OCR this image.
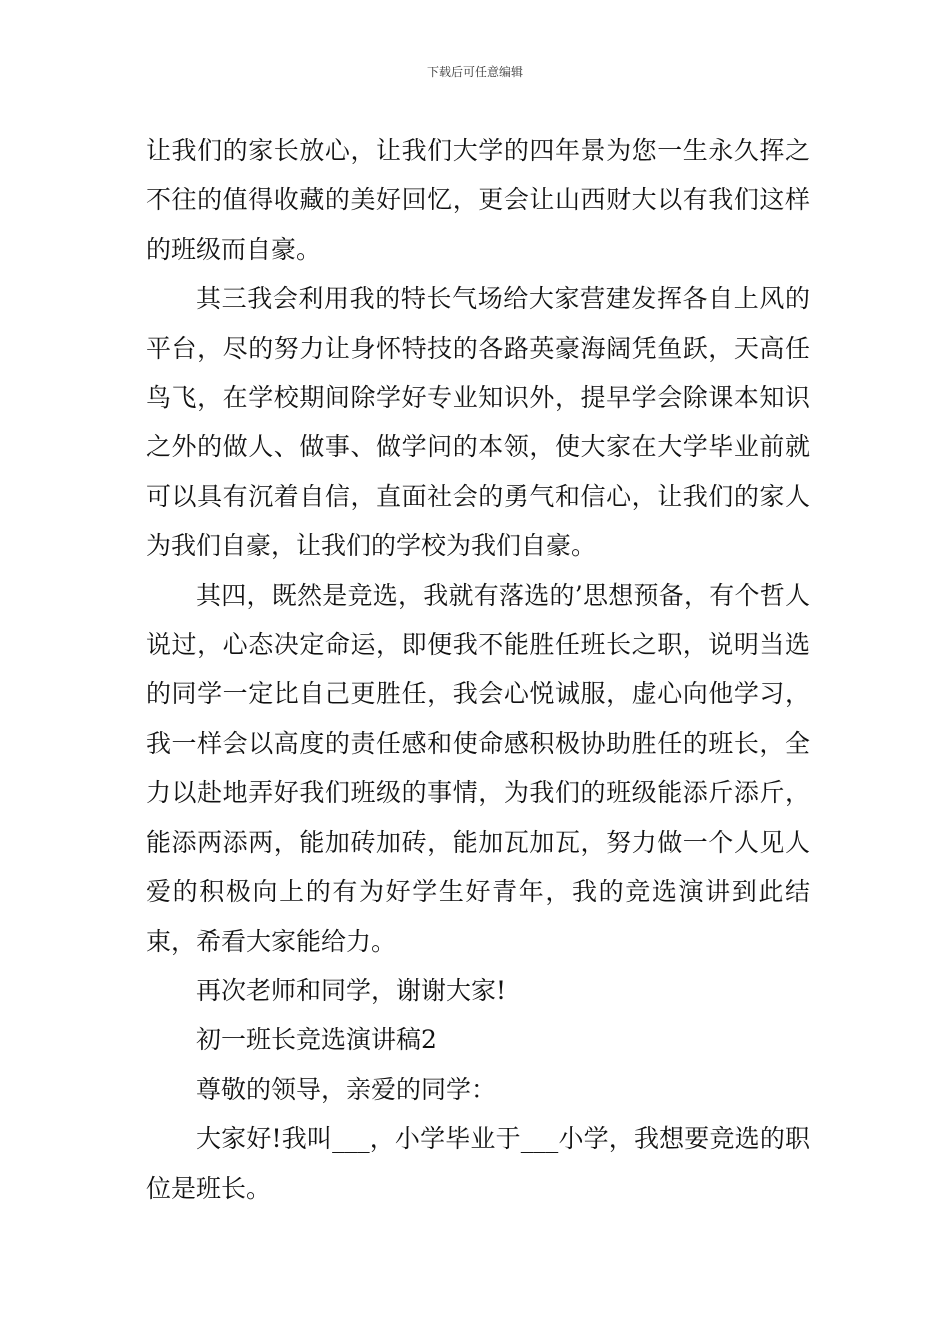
下载后可任意编辑

让我们的家长放心，让我们大学的四年景为您一生永久挥之不往的值得收藏的美好回忆，更会让山西财大以有我们这样的班级而自豪。

其三我会利用我的特长气场给大家营建发挥各自上风的平台，尽的努力让身怀特技的各路英豪海阔凭鱼跃，天高任鸟飞，在学校期间除学好专业知识外，提早学会除课本知识之外的做人、做事、做学问的本领，使大家在大学毕业前就可以具有沉着自信，直面社会的勇气和信心，让我们的家人为我们自豪，让我们的学校为我们自豪。

其四，既然是竞选，我就有落选的’思想预备，有个哲人说过，心态决定命运，即便我不能胜任班长之职，说明当选的同学一定比自己更胜任，我会心悦诚服，虚心向他学习，我一样会以高度的责任感和使命感积极协助胜任的班长，全力以赴地弄好我们班级的事情，为我们的班级能添斤添斤，能添两添两，能加砖加砖，能加瓦加瓦，努力做一个人见人爱的积极向上的有为好学生好青年，我的竞选演讲到此结束，希看大家能给力。

再次老师和同学，谢谢大家!

初一班长竞选演讲稿2

尊敬的领导，亲爱的同学：

大家好!我叫___，小学毕业于___小学，我想要竞选的职位是班长。
